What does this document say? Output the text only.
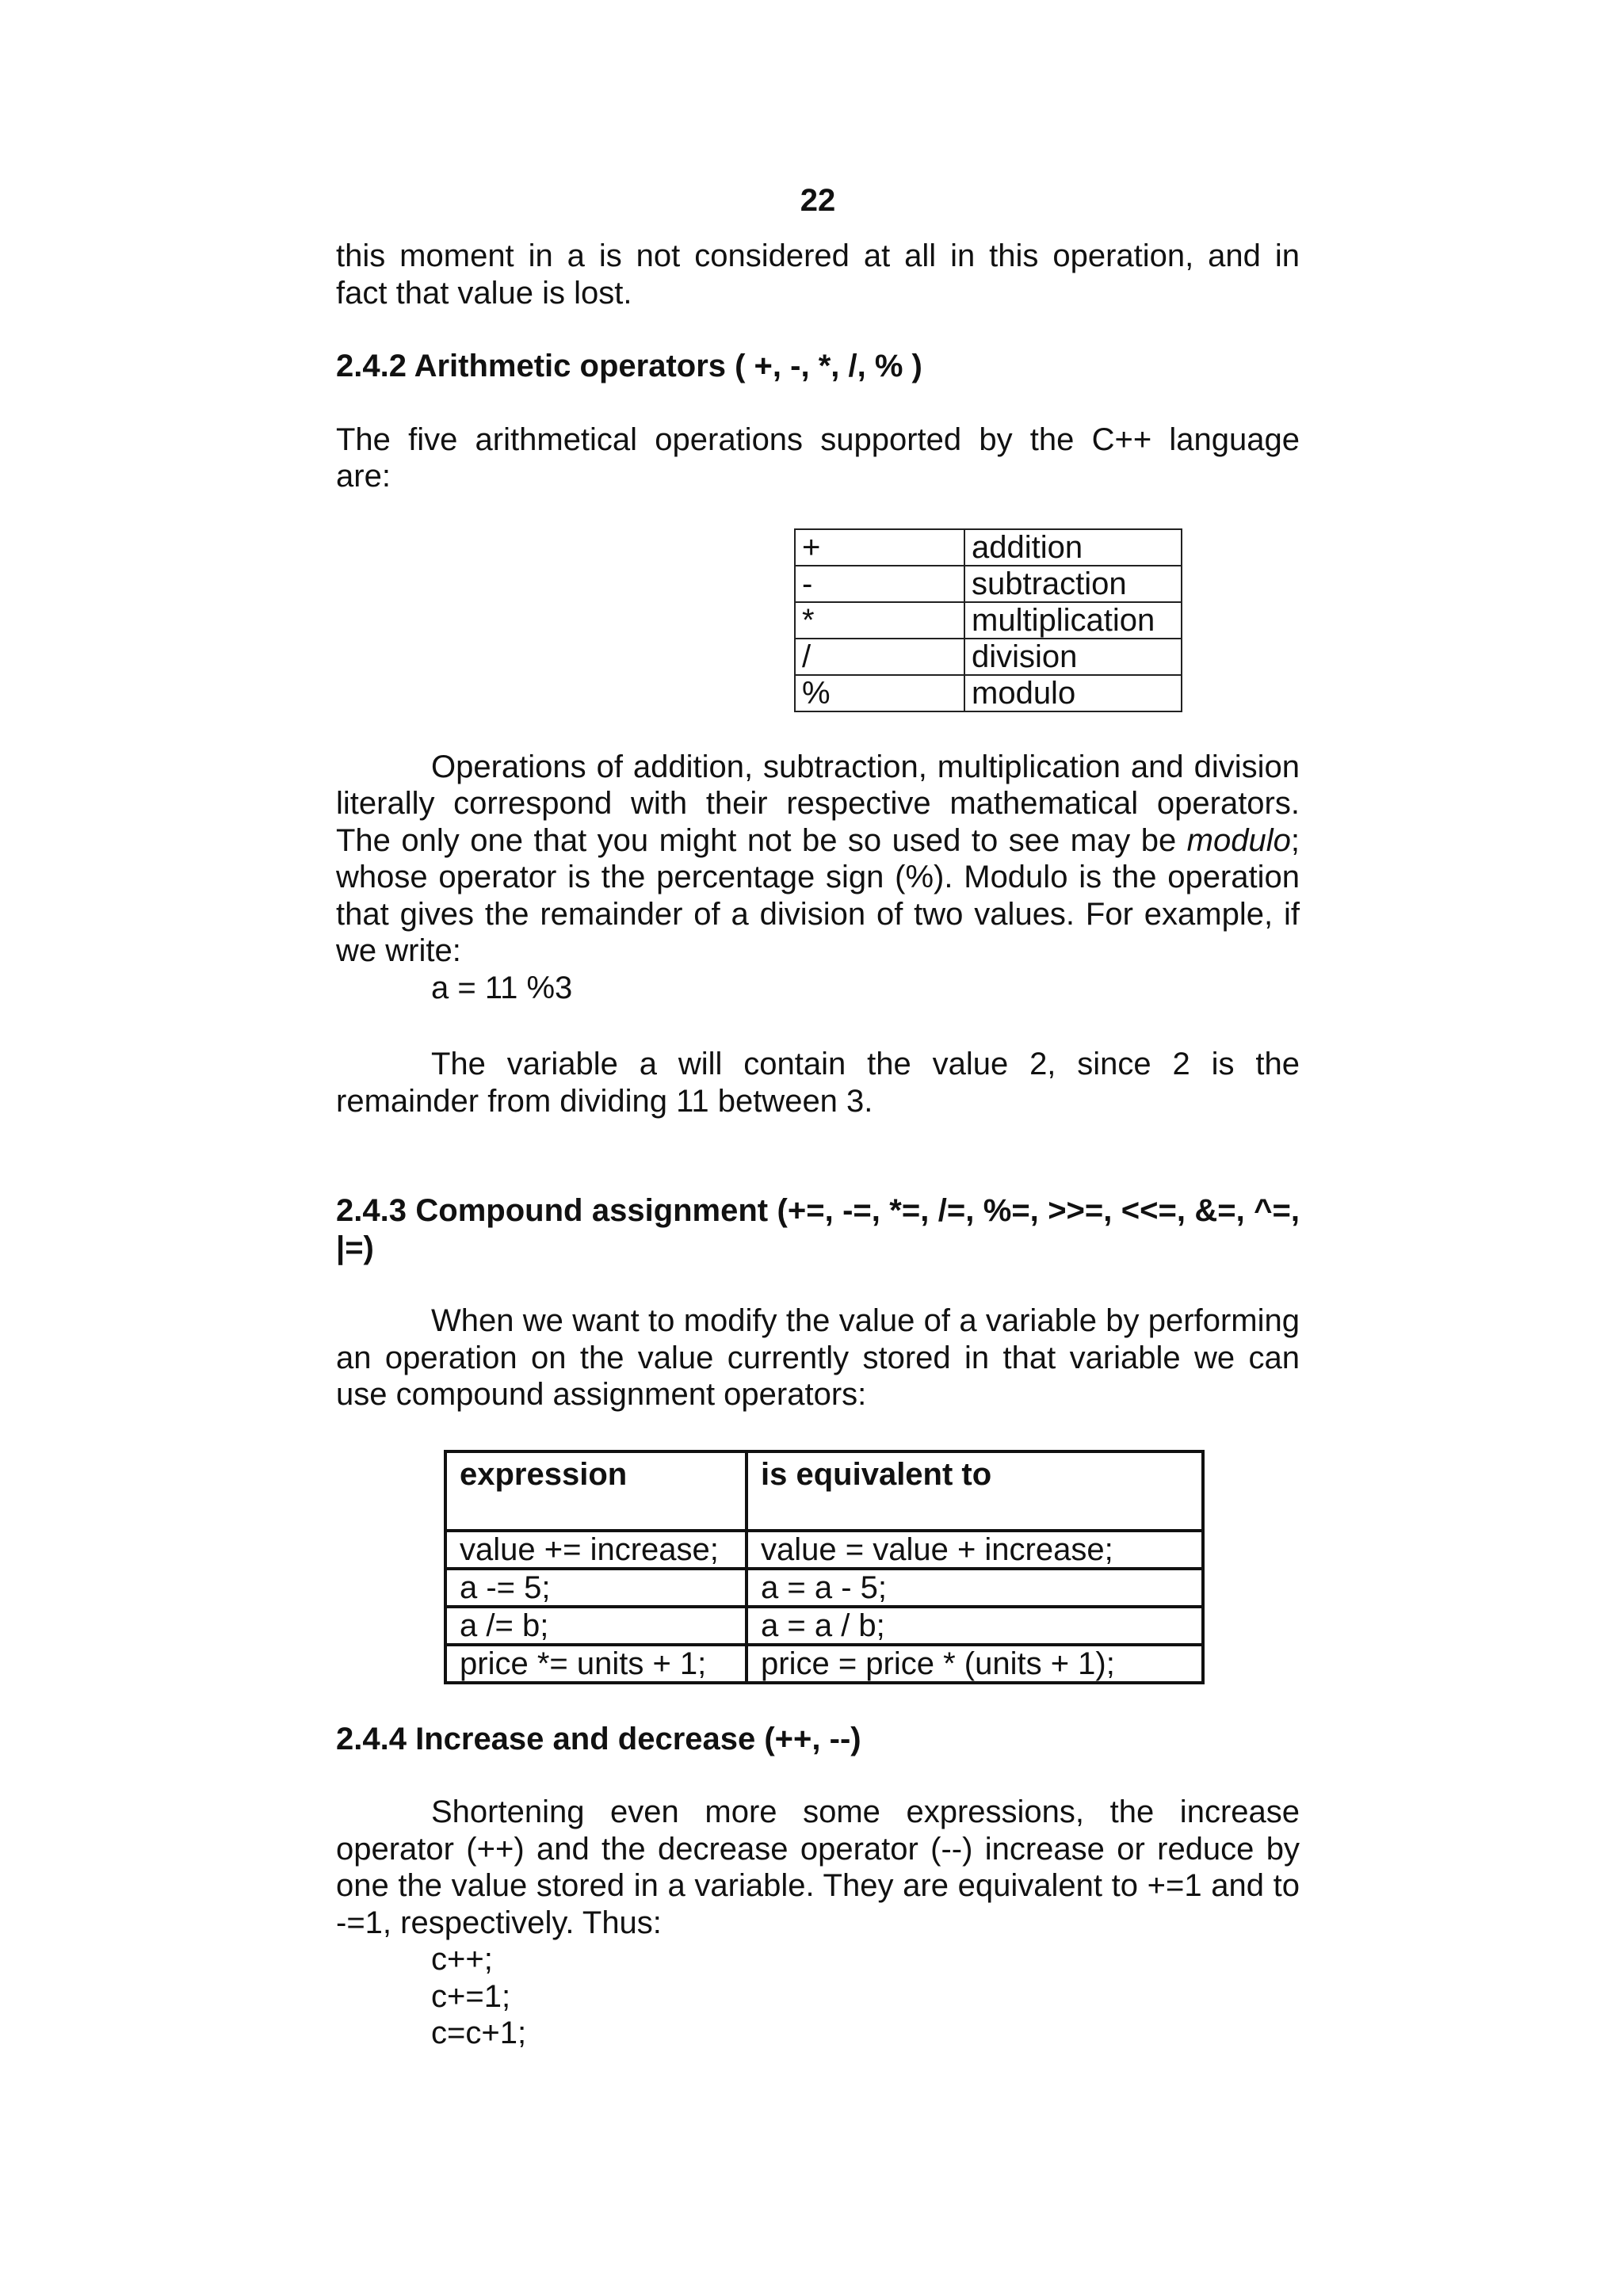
22

this moment in a is not considered at all in this operation, and in

fact that value is lost.

2.4.2 Arithmetic operators ( +, -, *, /, % )

The five arithmetical operations supported by the C++ language

are:

+	addition
-	subtraction
*	multiplication
/	division
%	modulo

Operations of addition, subtraction, multiplication and division literally correspond with their respective mathematical operators. The only one that you might not be so used to see may be modulo; whose operator is the percentage sign (%). Modulo is the operation that gives the remainder of a division of two values. For example, if we write:

a = 11 %3

The variable a will contain the value 2, since 2 is the remainder from dividing 11 between 3.

2.4.3 Compound assignment (+=, -=, *=, /=, %=, >>=, <<=, &=, ^=, |=)

When we want to modify the value of a variable by performing an operation on the value currently stored in that variable we can use compound assignment operators:

expression	is equivalent to
value += increase;	value = value + increase;
a -= 5;	a = a - 5;
a /= b;	a = a / b;
price *= units + 1;	price = price * (units + 1);
2.4.4 Increase and decrease (++, --)

Shortening even more some expressions, the increase operator (++) and the decrease operator (--) increase or reduce by one the value stored in a variable. They are equivalent to +=1 and to -=1, respectively. Thus:

c++;

c+=1;

c=c+1;
